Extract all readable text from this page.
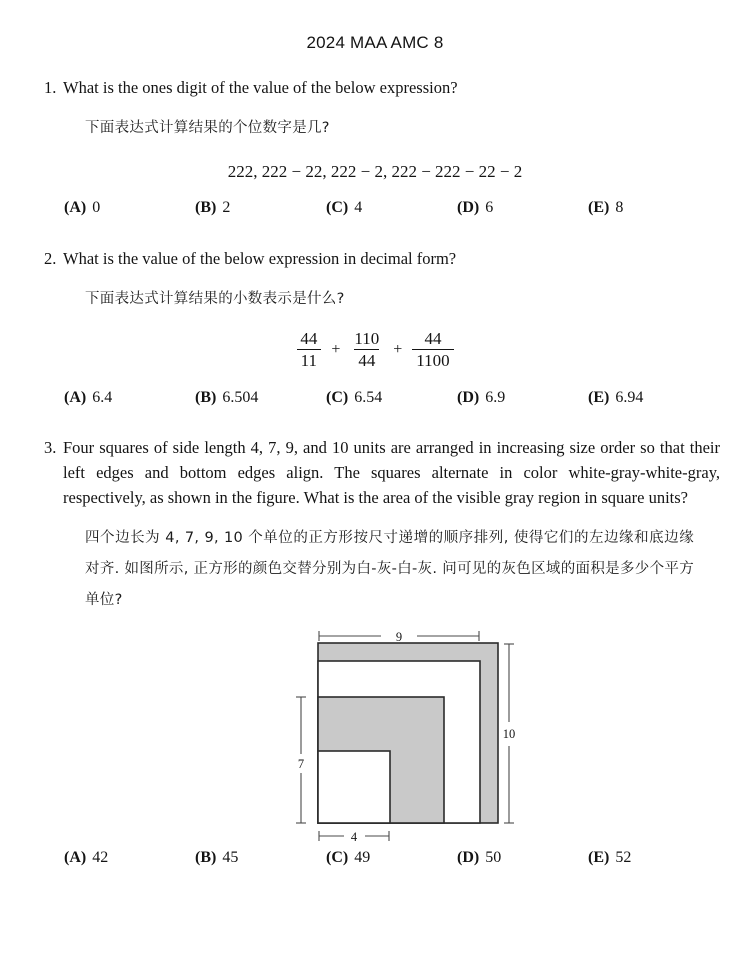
2024 MAA AMC 8
1. What is the ones digit of the value of the below expression?
下面表达式计算结果的个位数字是几?
222, 222 − 22, 222 − 2, 222 − 222 − 22 − 2
(A) 0	(B) 2	(C) 4	(D) 6	(E) 8
2. What is the value of the below expression in decimal form?
下面表达式计算结果的小数表示是什么?
$\frac{44}{11} + \frac{110}{44} + \frac{44}{1100}$
(A) 6.4	(B) 6.504	(C) 6.54	(D) 6.9	(E) 6.94
3. Four squares of side length 4, 7, 9, and 10 units are arranged in increasing size order so that their left edges and bottom edges align. The squares alternate in color white-gray-white-gray, respectively, as shown in the figure. What is the area of the visible gray region in square units?
四个边长为 4, 7, 9, 10 个单位的正方形按尺寸递增的顺序排列, 使得它们的左边缘和底边缘对齐. 如图所示, 正方形的颜色交替分别为白-灰-白-灰. 问可见的灰色区域的面积是多少个平方单位?
9
10
7
4
(A) 42	(B) 45	(C) 49	(D) 50	(E) 52
